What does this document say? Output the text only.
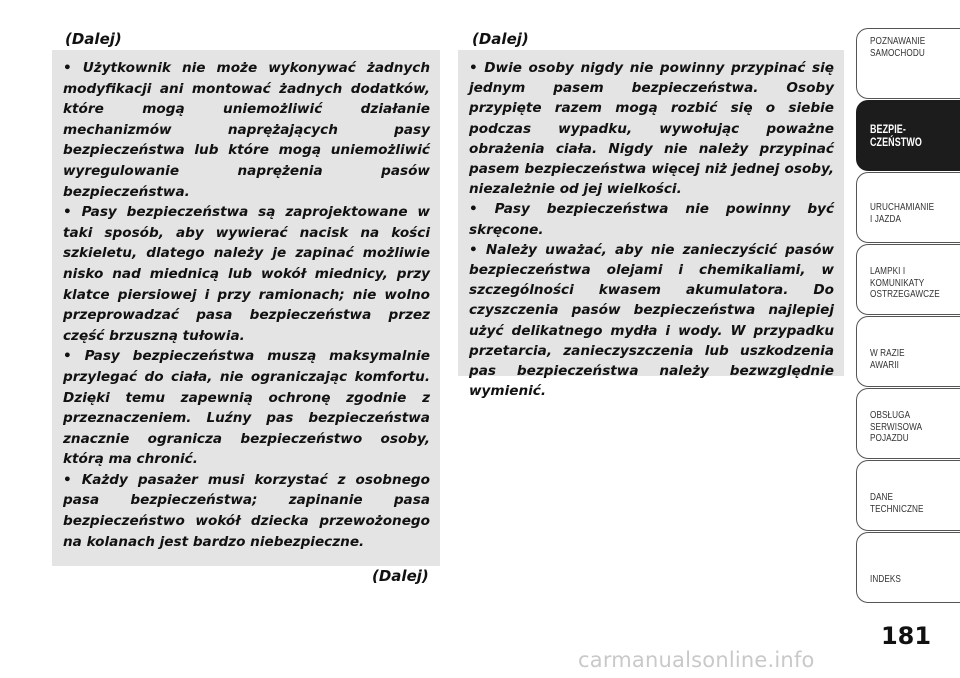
(Dalej)

• Użytkownik nie może wykonywać żadnych modyfikacji ani montować żadnych dodatków, które mogą uniemożliwić działanie mechanizmów naprężających pasy bezpieczeństwa lub które mogą uniemożliwić wyregulowanie naprężenia pasów bezpieczeństwa.

• Pasy bezpieczeństwa są zaprojektowane w taki sposób, aby wywierać nacisk na kości szkieletu, dlatego należy je zapinać możliwie nisko nad miednicą lub wokół miednicy, przy klatce piersiowej i przy ramionach; nie wolno przeprowadzać pasa bezpieczeństwa przez część brzuszną tułowia.

• Pasy bezpieczeństwa muszą maksymalnie przylegać do ciała, nie ograniczając komfortu. Dzięki temu zapewnią ochronę zgodnie z przeznaczeniem. Luźny pas bezpieczeństwa znacznie ogranicza bezpieczeństwo osoby, którą ma chronić.

• Każdy pasażer musi korzystać z osobnego pasa bezpieczeństwa; zapinanie pasa bezpieczeństwo wokół dziecka przewożonego na kolanach jest bardzo niebezpieczne.

(Dalej)
(Dalej)

• Dwie osoby nigdy nie powinny przypinać się jednym pasem bezpieczeństwa. Osoby przypięte razem mogą rozbić się o siebie podczas wypadku, wywołując poważne obrażenia ciała. Nigdy nie należy przypinać pasem bezpieczeństwa więcej niż jednej osoby, niezależnie od jej wielkości.

• Pasy bezpieczeństwa nie powinny być skręcone.

• Należy uważać, aby nie zanieczyścić pasów bezpieczeństwa olejami i chemikaliami, w szczególności kwasem akumulatora. Do czyszczenia pasów bezpieczeństwa najlepiej użyć delikatnego mydła i wody. W przypadku przetarcia, zanieczyszczenia lub uszkodzenia pas bezpieczeństwa należy bezwzględnie wymienić.

POZNAWANIE
SAMOCHODU
BEZPIE-
CZEŃSTWO
URUCHAMIANIE
I JAZDA
LAMPKI I
KOMUNIKATY
OSTRZEGAWCZE
W RAZIE
AWARII
OBSŁUGA
SERWISOWA
POJAZDU
DANE
TECHNICZNE
INDEKS
181
carmanualsonline.info
